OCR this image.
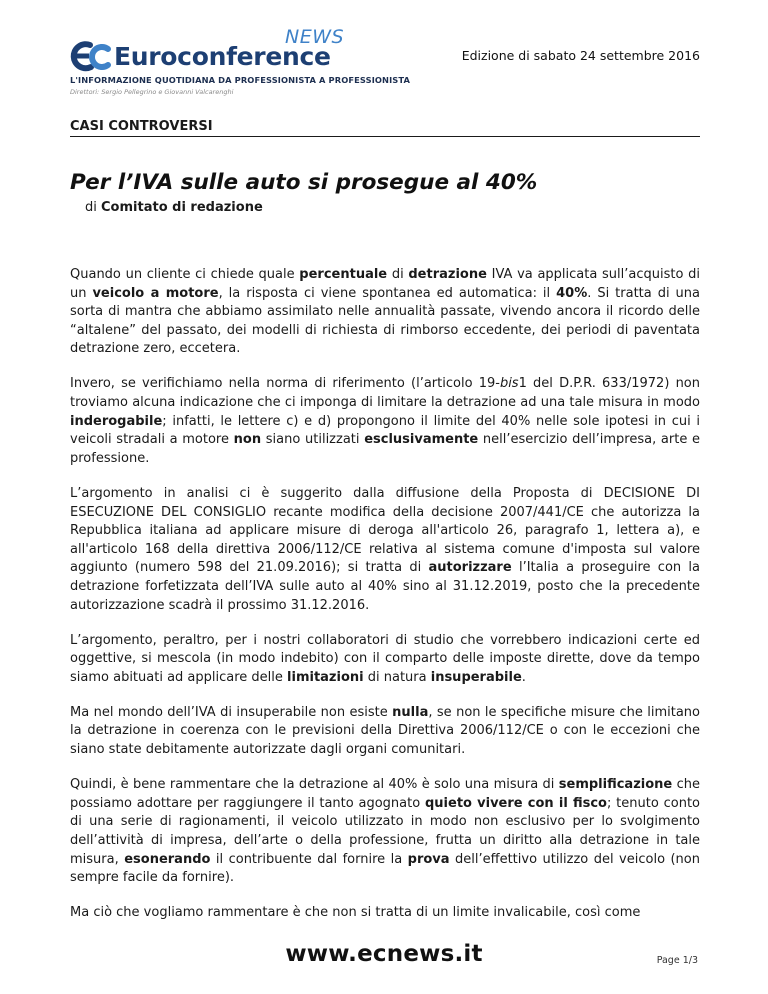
Euroconference
NEWS
L'INFORMAZIONE QUOTIDIANA DA PROFESSIONISTA A PROFESSIONISTA
Direttori: Sergio Pellegrino e Giovanni Valcarenghi
Edizione di sabato 24 settembre 2016
CASI CONTROVERSI
Per l’IVA sulle auto si prosegue al 40%
di Comitato di redazione

Quando un cliente ci chiede quale percentuale di detrazione IVA va applicata sull’acquisto di un veicolo a motore, la risposta ci viene spontanea ed automatica: il 40%. Si tratta di una sorta di mantra che abbiamo assimilato nelle annualità passate, vivendo ancora il ricordo delle “altalene” del passato, dei modelli di richiesta di rimborso eccedente, dei periodi di paventata detrazione zero, eccetera.

Invero, se verifichiamo nella norma di riferimento (l’articolo 19-bis1 del D.P.R. 633/1972) non troviamo alcuna indicazione che ci imponga di limitare la detrazione ad una tale misura in modo inderogabile; infatti, le lettere c) e d) propongono il limite del 40% nelle sole ipotesi in cui i veicoli stradali a motore non siano utilizzati esclusivamente nell’esercizio dell’impresa, arte e professione.

L’argomento in analisi ci è suggerito dalla diffusione della Proposta di DECISIONE DI ESECUZIONE DEL CONSIGLIO recante modifica della decisione 2007/441/CE che autorizza la Repubblica italiana ad applicare misure di deroga all'articolo 26, paragrafo 1, lettera a), e all'articolo 168 della direttiva 2006/112/CE relativa al sistema comune d'imposta sul valore aggiunto (numero 598 del 21.09.2016); si tratta di autorizzare l’Italia a proseguire con la detrazione forfetizzata dell’IVA sulle auto al 40% sino al 31.12.2019, posto che la precedente autorizzazione scadrà il prossimo 31.12.2016.

L’argomento, peraltro, per i nostri collaboratori di studio che vorrebbero indicazioni certe ed oggettive, si mescola (in modo indebito) con il comparto delle imposte dirette, dove da tempo siamo abituati ad applicare delle limitazioni di natura insuperabile.

Ma nel mondo dell’IVA di insuperabile non esiste nulla, se non le specifiche misure che limitano la detrazione in coerenza con le previsioni della Direttiva 2006/112/CE o con le eccezioni che siano state debitamente autorizzate dagli organi comunitari.

Quindi, è bene rammentare che la detrazione al 40% è solo una misura di semplificazione che possiamo adottare per raggiungere il tanto agognato quieto vivere con il fisco; tenuto conto di una serie di ragionamenti, il veicolo utilizzato in modo non esclusivo per lo svolgimento dell’attività di impresa, dell’arte o della professione, frutta un diritto alla detrazione in tale misura, esonerando il contribuente dal fornire la prova dell’effettivo utilizzo del veicolo (non sempre facile da fornire).

Ma ciò che vogliamo rammentare è che non si tratta di un limite invalicabile, così come

www.ecnews.it	Page 1/3
